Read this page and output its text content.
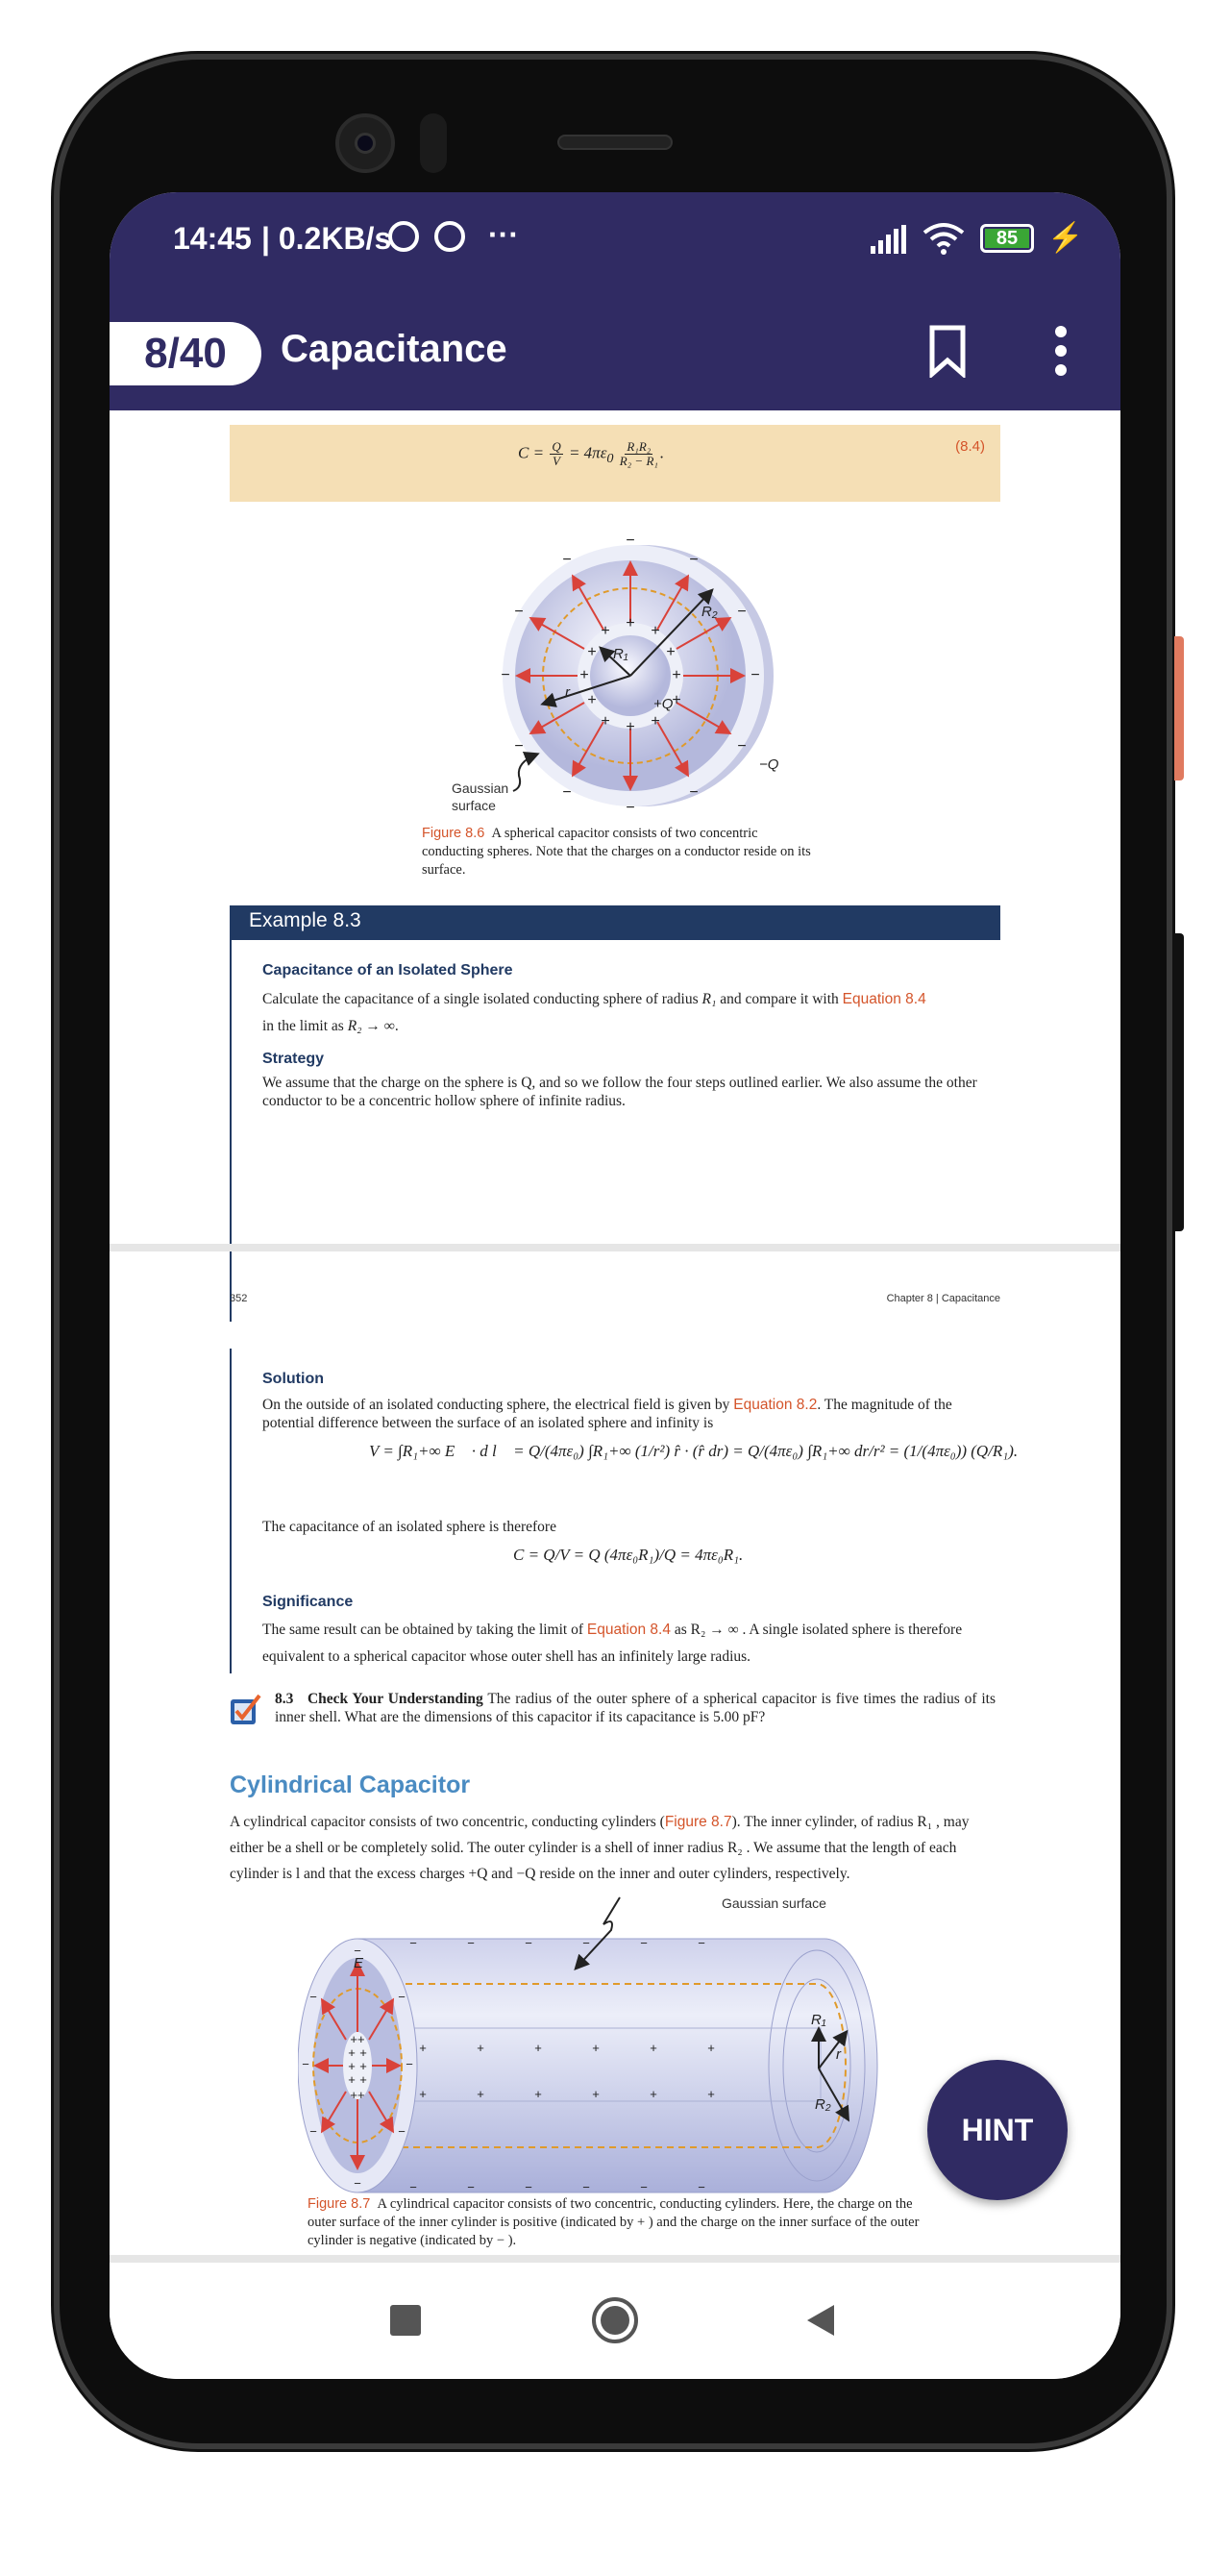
14:45 | 0.2KB/s	···	85	⚡
8/40	Capacitance
$C = \frac{Q}{V} = 4\pi\varepsilon_0 \frac{\text{R₁R₂}}{\text{R₂ − R₁}}$ .	(8.4)
+
+	+
+	+
+	+
+	+
+	+
+
−
−
−	−
−	−
−	−
−	−
−	−
R₁
R₂
r
+Q
−Q
Gaussian
surface
Figure 8.6 A spherical capacitor consists of two concentric conducting spheres. Note that the charges on a conductor reside on its surface.
Example 8.3
Capacitance of an Isolated Sphere
Calculate the capacitance of a single isolated conducting sphere of radius R₁ and compare it with Equation 8.4
in the limit as R₂ → ∞.
Strategy
We assume that the charge on the sphere is Q, and so we follow the four steps outlined earlier. We also assume the other conductor to be a concentric hollow sphere of infinite radius.
352	Chapter 8 | Capacitance
Solution
On the outside of an isolated conducting sphere, the electrical field is given by Equation 8.2. The magnitude of the potential difference between the surface of an isolated sphere and infinity is
V = ∫R₁+∞ E⃗ · d l⃗ = Q/(4πε₀) ∫R₁+∞ (1/r²) r̂ · (r̂ dr) = Q/(4πε₀) ∫R₁+∞ dr/r² = (1/(4πε₀)) (Q/R₁).
The capacitance of an isolated sphere is therefore
C = Q/V = Q (4πε₀R₁)/Q = 4πε₀R₁.
Significance
The same result can be obtained by taking the limit of Equation 8.4 as R₂ → ∞ . A single isolated sphere is therefore equivalent to a spherical capacitor whose outer shell has an infinitely large radius.
8.3 Check Your Understanding The radius of the outer sphere of a spherical capacitor is five times the radius of its inner shell. What are the dimensions of this capacitor if its capacitance is 5.00 pF?
Cylindrical Capacitor
A cylindrical capacitor consists of two concentric, conducting cylinders (Figure 8.7). The inner cylinder, of radius R₁ , may either be a shell or be completely solid. The outer cylinder is a shell of inner radius R₂ . We assume that the length of each cylinder is l and that the excess charges +Q and −Q reside on the inner and outer cylinders, respectively.
++
+ +
+ +
+ +
++
+	+	+	+	+	+
+	+	+	+	+	+
−	−	−	−	−	−
−	−	−	−	−	−
−
−
−	−
−	−
−	−
E
R₁
r
R₂
Gaussian surface
Figure 8.7 A cylindrical capacitor consists of two concentric, conducting cylinders. Here, the charge on the outer surface of the inner cylinder is positive (indicated by + ) and the charge on the inner surface of the outer cylinder is negative (indicated by − ).
HINT
